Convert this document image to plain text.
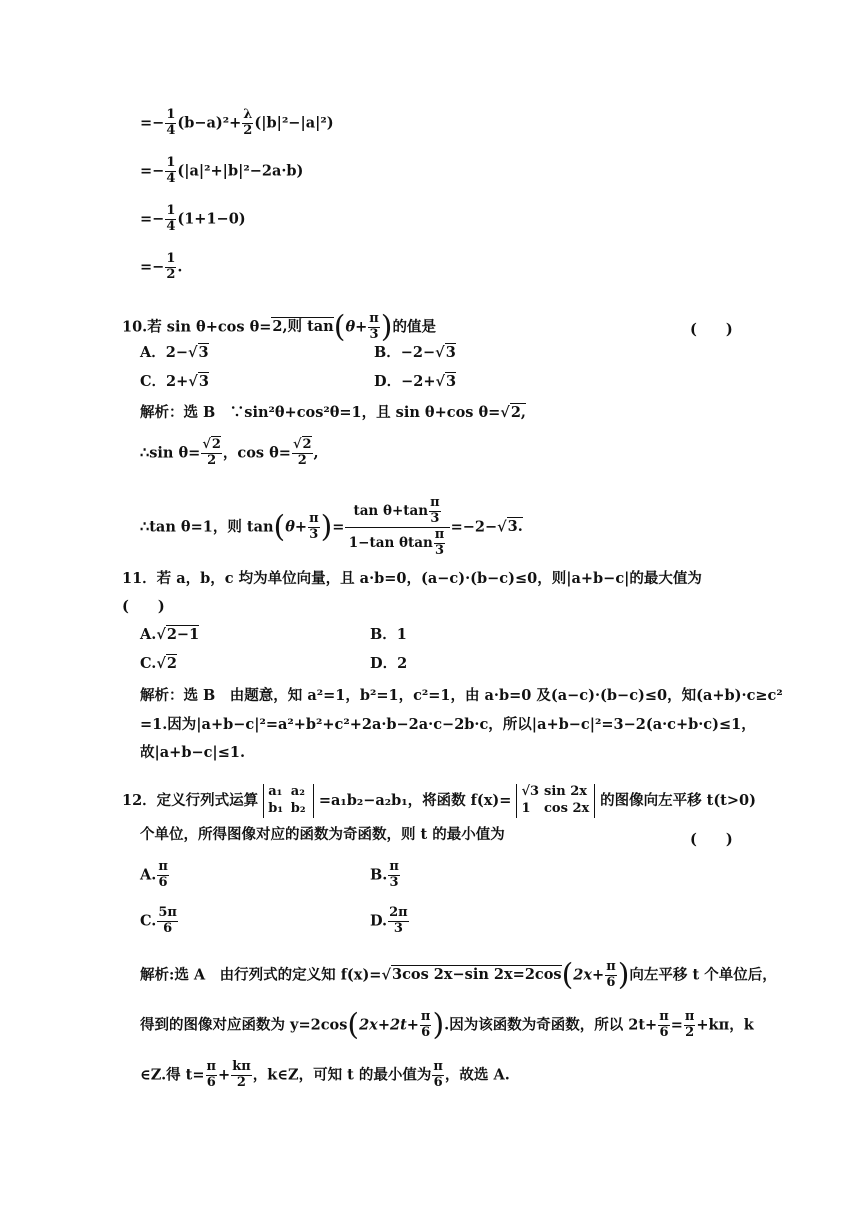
=− $\frac{1}{4} (b-a)^2+ \frac{\lambda}{2} (|b|^2-|a|^2)$
=− $\frac{1}{4} (|a|^2+|b|^2-2a\cdot b)$
=− $\frac{1}{4} (1+1-0)$
=− $\frac{1}{2}$ .
10.若 sin θ+cos θ=2,则 $\tan(\theta+ \frac{\pi}{3}$ )的值是	(　　)
A．2−√3	B．−2−√3
C．2+√3	D．−2+√3
解析：选 B　∵sin²θ+cos²θ=1，且 sin θ+cos θ=√2,
∴sin $\theta= \frac{√2}{2}$ ，$\cos \theta= \frac{√2}{2}$ ,
∴tan θ=1，则 $\tan(\theta+ \frac{\pi}{3}$ )= $\frac{\tan \theta+\tan \frac{\pi}{3}}{1-\tan \theta\tan \frac{\pi}{3}} =-2-√3$.
11．若 a，b，c 均为单位向量，且 a·b=0，(a−c)·(b−c)≤0，则|a+b−c|的最大值为
(　　)
A.√2−1	B．1
C.√2	D．2
解析：选 B　由题意，知 a²=1，b²=1，c²=1，由 a·b=0 及(a−c)·(b−c)≤0，知(a+b)·c≥c²
=1.因为|a+b−c|²=a²+b²+c²+2a·b−2a·c−2b·c，所以|a+b−c|²=3−2(a·c+b·c)≤1，
故|a+b−c|≤1.
12．定义行列式运算 a₁ a₂
b₁ b₂ =a₁b₂−a₂b₁，将函数 f(x)= √3 sin 2x
1 cos 2x 的图像向左平移 t(t>0)
个单位，所得图像对应的函数为奇函数，则 t 的最小值为	(　　)
A. $\frac{\pi}{6}$	B. $\frac{\pi}{3}$
C. $\frac{5\pi}{6}$	D. $\frac{2\pi}{3}$
解析:选 A　由行列式的定义知 f(x)=√3cos 2x−sin $2x=2\cos(2x+ \frac{\pi}{6}$ )向左平移 t 个单位后，
得到的图像对应函数为 $y=2\cos(2x+2t+ \frac{\pi}{6}$ ).因为该函数为奇函数，所以 $2t+ \frac{\pi}{6} = \frac{\pi}{2} +k\pi$，k
∈Z.得 $t= \frac{\pi}{6} + \frac{k\pi}{2}$ ，k∈Z，可知 t 的最小值为 $\frac{\pi}{6}$ ，故选 A.
